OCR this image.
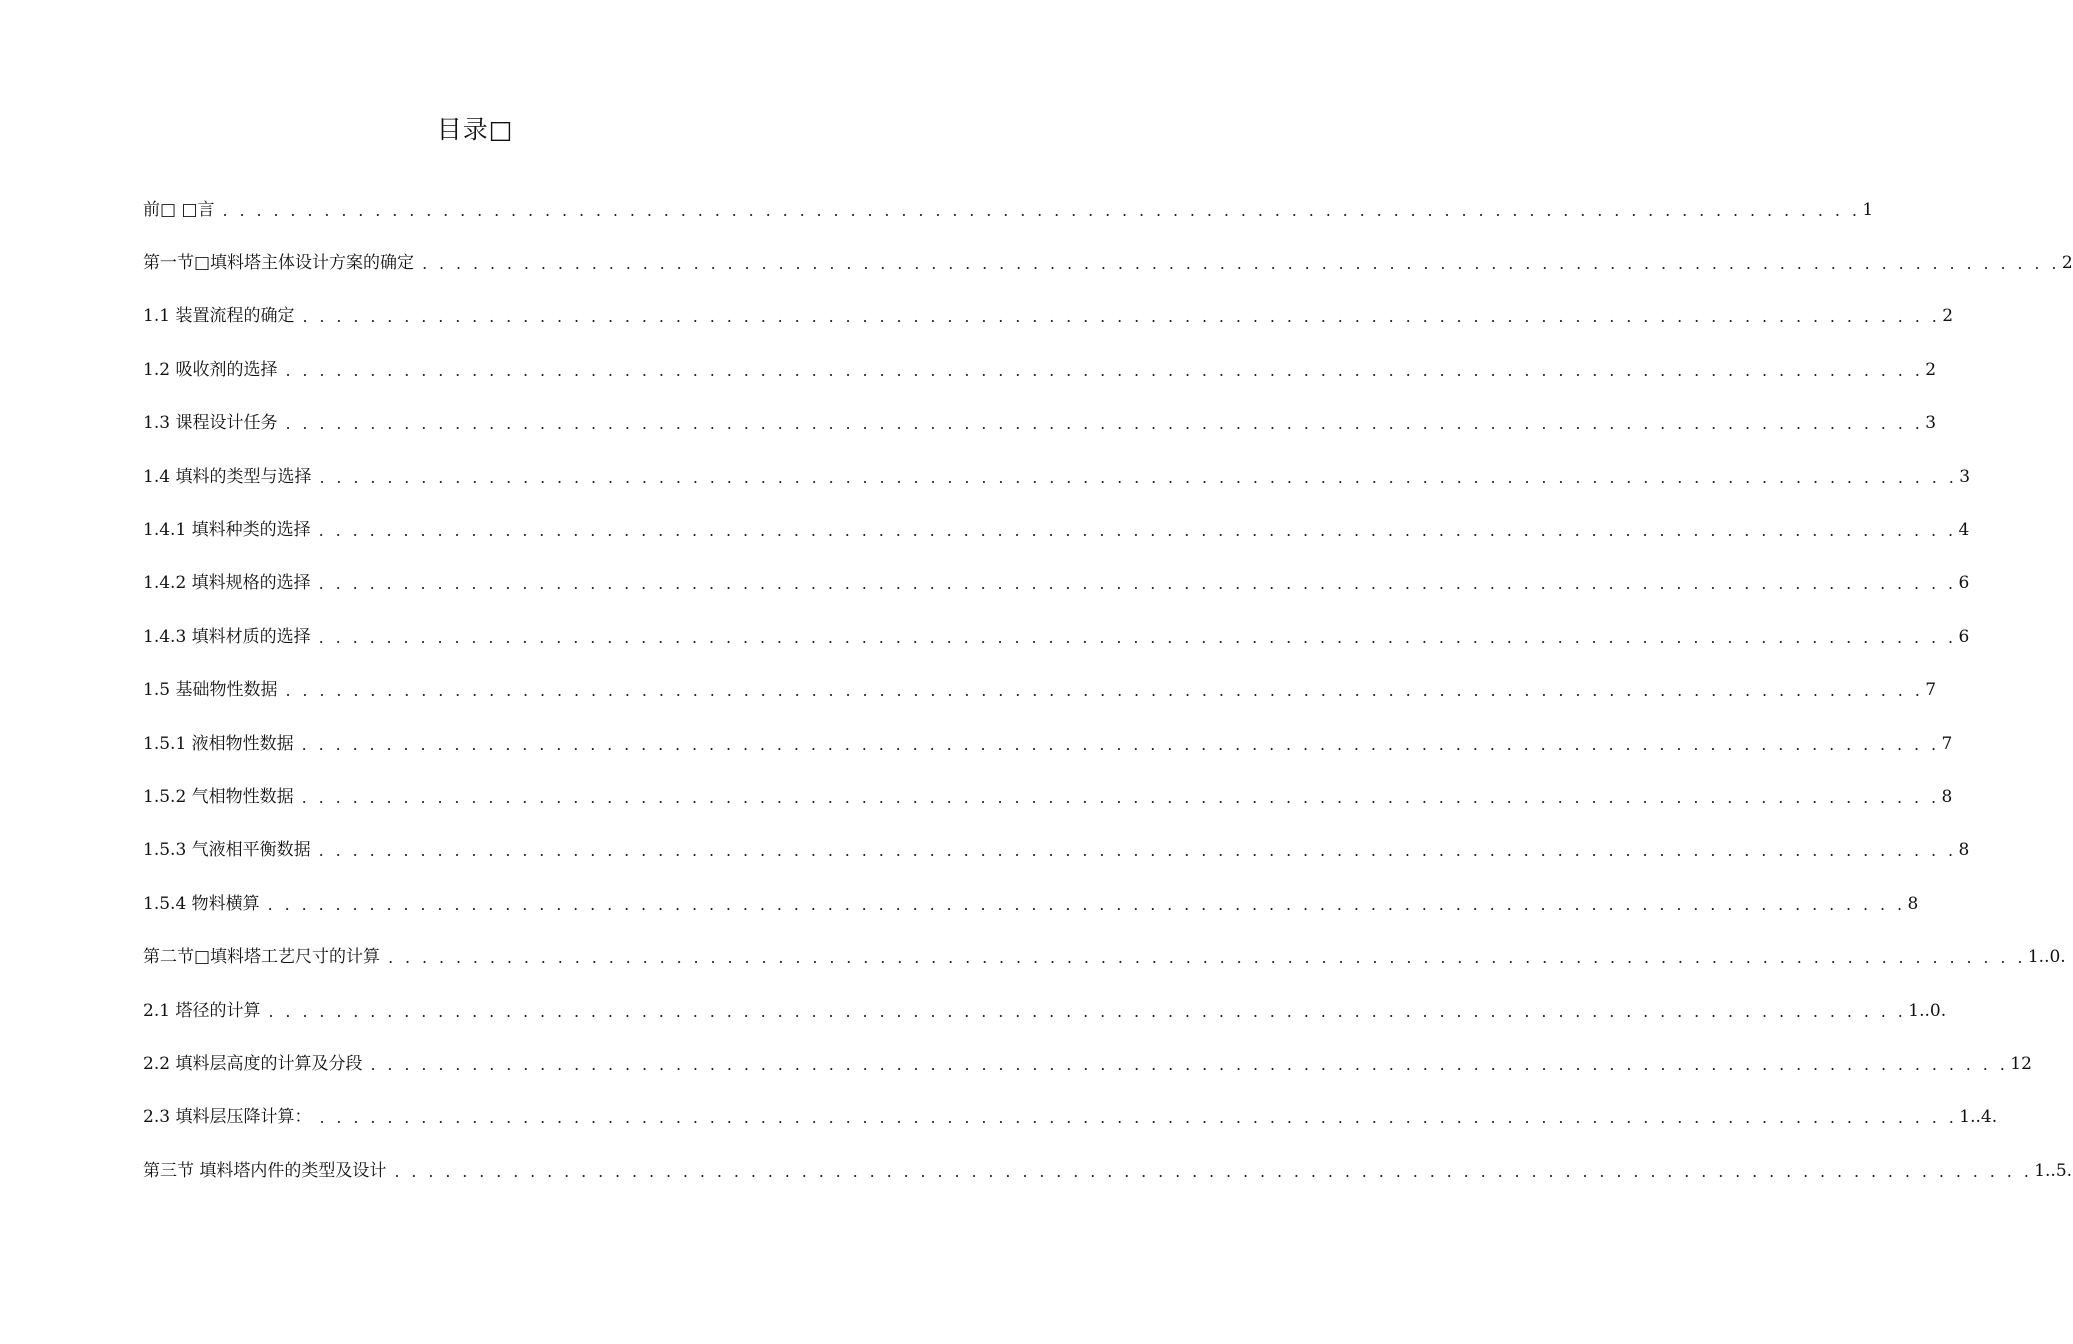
目录□
前□ □言 . . . . . . . . . . . . . . . . . . . . . . . . . . . . . . . . . . . . . . . . . . . . . . . . . . . . . . . . . . . . . . . . . . . . . . . . . . . . . . . . . . . . . . . . . . . . . . . . . 1
第一节□填料塔主体设计方案的确定 . . . . . . . . . . . . . . . . . . . . . . . . . . . . . . . . . . . . . . . . . . . . . . . . . . . . . . . . . . . . . . . . . . . . . . . . . . . . . . . . . . . . . . . . . . . . . . . . . 2
1.1 装置流程的确定 . . . . . . . . . . . . . . . . . . . . . . . . . . . . . . . . . . . . . . . . . . . . . . . . . . . . . . . . . . . . . . . . . . . . . . . . . . . . . . . . . . . . . . . . . . . . . . . . . 2
1.2 吸收剂的选择 . . . . . . . . . . . . . . . . . . . . . . . . . . . . . . . . . . . . . . . . . . . . . . . . . . . . . . . . . . . . . . . . . . . . . . . . . . . . . . . . . . . . . . . . . . . . . . . . . 2
1.3 课程设计任务 . . . . . . . . . . . . . . . . . . . . . . . . . . . . . . . . . . . . . . . . . . . . . . . . . . . . . . . . . . . . . . . . . . . . . . . . . . . . . . . . . . . . . . . . . . . . . . . . . 3
1.4 填料的类型与选择 . . . . . . . . . . . . . . . . . . . . . . . . . . . . . . . . . . . . . . . . . . . . . . . . . . . . . . . . . . . . . . . . . . . . . . . . . . . . . . . . . . . . . . . . . . . . . . . . . 3
1.4.1 填料种类的选择 . . . . . . . . . . . . . . . . . . . . . . . . . . . . . . . . . . . . . . . . . . . . . . . . . . . . . . . . . . . . . . . . . . . . . . . . . . . . . . . . . . . . . . . . . . . . . . . . . 4
1.4.2 填料规格的选择 . . . . . . . . . . . . . . . . . . . . . . . . . . . . . . . . . . . . . . . . . . . . . . . . . . . . . . . . . . . . . . . . . . . . . . . . . . . . . . . . . . . . . . . . . . . . . . . . . 6
1.4.3 填料材质的选择 . . . . . . . . . . . . . . . . . . . . . . . . . . . . . . . . . . . . . . . . . . . . . . . . . . . . . . . . . . . . . . . . . . . . . . . . . . . . . . . . . . . . . . . . . . . . . . . . . 6
1.5 基础物性数据 . . . . . . . . . . . . . . . . . . . . . . . . . . . . . . . . . . . . . . . . . . . . . . . . . . . . . . . . . . . . . . . . . . . . . . . . . . . . . . . . . . . . . . . . . . . . . . . . . 7
1.5.1 液相物性数据 . . . . . . . . . . . . . . . . . . . . . . . . . . . . . . . . . . . . . . . . . . . . . . . . . . . . . . . . . . . . . . . . . . . . . . . . . . . . . . . . . . . . . . . . . . . . . . . . . 7
1.5.2 气相物性数据 . . . . . . . . . . . . . . . . . . . . . . . . . . . . . . . . . . . . . . . . . . . . . . . . . . . . . . . . . . . . . . . . . . . . . . . . . . . . . . . . . . . . . . . . . . . . . . . . . 8
1.5.3 气液相平衡数据 . . . . . . . . . . . . . . . . . . . . . . . . . . . . . . . . . . . . . . . . . . . . . . . . . . . . . . . . . . . . . . . . . . . . . . . . . . . . . . . . . . . . . . . . . . . . . . . . . 8
1.5.4 物料横算 . . . . . . . . . . . . . . . . . . . . . . . . . . . . . . . . . . . . . . . . . . . . . . . . . . . . . . . . . . . . . . . . . . . . . . . . . . . . . . . . . . . . . . . . . . . . . . . . . 8
第二节□填料塔工艺尺寸的计算 . . . . . . . . . . . . . . . . . . . . . . . . . . . . . . . . . . . . . . . . . . . . . . . . . . . . . . . . . . . . . . . . . . . . . . . . . . . . . . . . . . . . . . . . . . . . . . . . . 1..0.
2.1 塔径的计算 . . . . . . . . . . . . . . . . . . . . . . . . . . . . . . . . . . . . . . . . . . . . . . . . . . . . . . . . . . . . . . . . . . . . . . . . . . . . . . . . . . . . . . . . . . . . . . . . . 1..0.
2.2 填料层高度的计算及分段 . . . . . . . . . . . . . . . . . . . . . . . . . . . . . . . . . . . . . . . . . . . . . . . . . . . . . . . . . . . . . . . . . . . . . . . . . . . . . . . . . . . . . . . . . . . . . . . . . 12
2.3 填料层压降计算： . . . . . . . . . . . . . . . . . . . . . . . . . . . . . . . . . . . . . . . . . . . . . . . . . . . . . . . . . . . . . . . . . . . . . . . . . . . . . . . . . . . . . . . . . . . . . . . . . 1..4.
第三节 填料塔内件的类型及设计 . . . . . . . . . . . . . . . . . . . . . . . . . . . . . . . . . . . . . . . . . . . . . . . . . . . . . . . . . . . . . . . . . . . . . . . . . . . . . . . . . . . . . . . . . . . . . . . . . 1..5.
